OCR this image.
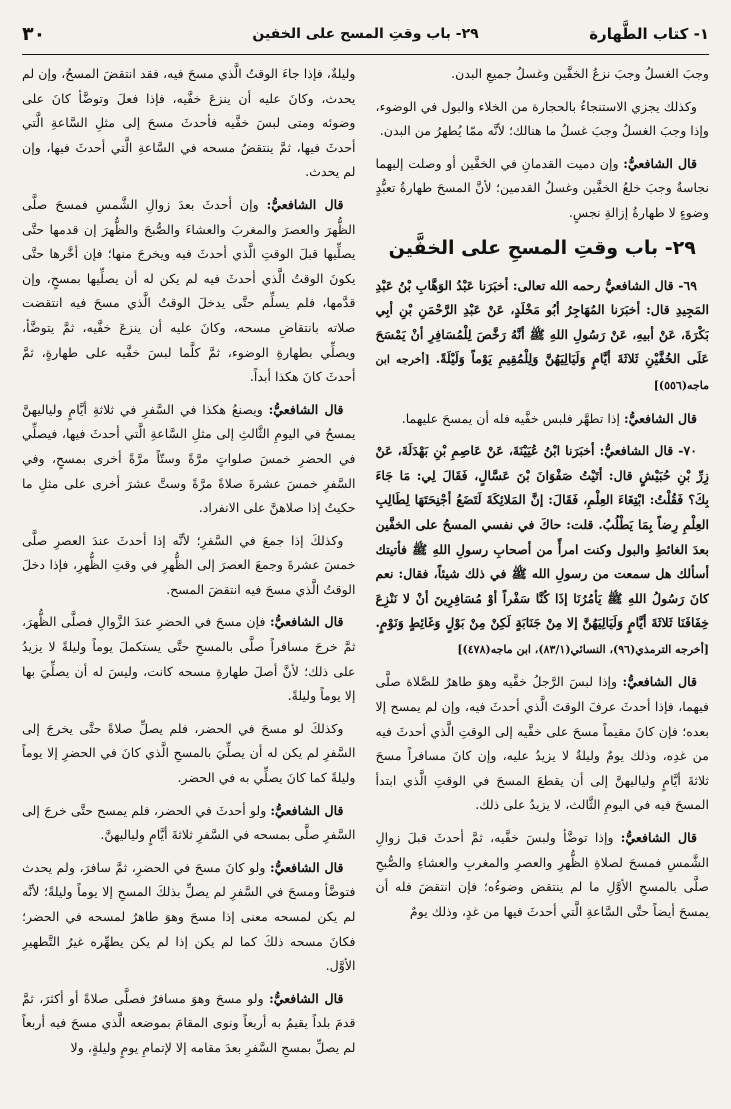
١- كتاب الطَّهارة
٢٩- باب وقتِ المسح على الخفين
٣٠

وجبَ الغسلُ وجبَ نزعُ الخفَّين وغسلُ جميعِ البدن.

وكذلك يجزي الاستنجاءُ بالحجارة من الخلاء والبول في الوضوء، وإذا وجبَ الغسلُ وجبَ غسلُ ما هنالك؛ لأنَّه ممّا يُطهرُ من البدن.

قال الشافعيُّ: وإن دميت القدمانِ في الخفَّين أو وصلت إليهما نجاسةٌ وجبَ خلعُ الخفَّين وغسلُ القدمين؛ لأنَّ المسحَ طهارةُ تعبُّدٍ وضوءٍ لا طهارةُ إزالةِ نجسٍ.

٢٩- باب وقتِ المسحِ على الخفَّين

٦٩- قال الشافعيُّ رحمه الله تعالى: أخبَرَنا عَبْدُ الوَهَّابِ بْنُ عَبْدِ المَجِيدِ قال: أخبَرَنا المُهَاجِرُ أبُو مَخْلَدٍ، عَنْ عَبْدِ الرَّحْمَنِ بْنِ أبِي بَكْرَةَ، عَنْ أبيهِ، عَنْ رَسُولِ اللهِ ﷺ أنَّهُ رَخَّصَ لِلْمُسَافِرِ أنْ يَمْسَحَ عَلَى الخُفَّيْنِ ثَلاثَةَ أيَّامٍ وَلَيَالِيَهُنَّ وَلِلْمُقِيمِ يَوْماً وَلَيْلَةً. [أخرجه ابن ماجه(٥٥٦)]

قال الشافعيُّ: إذا تطهَّر فلبس خفَّيه فله أن يمسحَ عليهما.

٧٠- قال الشافعيُّ: أخبَرَنا ابْنُ عُيَيْنَةَ، عَنْ عَاصِمِ بْنِ بَهْدَلَةَ، عَنْ زِرِّ بْنِ حُبَيْشٍ قال: أتَيْتُ صَفْوَانَ بْنَ عَسَّالٍ، فَقَالَ لِي: مَا جَاءَ بِكَ؟ فَقُلْتُ: ابْتِغَاءَ العِلْمِ، فَقَالَ: إنَّ المَلائِكَةَ لَتَضَعُ أجْنِحَتَهَا لِطَالِبِ العِلْمِ رِضاً بِمَا يَطْلُبُ. قلت: حاكَ في نفسي المسحُ على الخفَّين بعدَ الغائطِ والبول وكنت امرأً من أصحابِ رسولِ اللهِ ﷺ فأتيتك أسألك هل سمعت من رسولِ الله ﷺ في ذلك شيئاً، فقال: نعم كانَ رَسُولُ اللهِ ﷺ يَأمُرُنَا إذَا كُنَّا سَفْراً أوْ مُسَافِرِينَ أنْ لا نَنْزِعَ خِفَافَنَا ثَلاثَةَ أيَّامٍ وَلَيَالِيَهُنَّ إلا مِنْ جَنَابَةٍ لَكِنْ مِنْ بَوْلٍ وَغَائِطٍ وَنَوْمٍ. [أخرجه الترمذي(٩٦)، النسائي(٨٣/١)، ابن ماجه(٤٧٨)]

قال الشافعيُّ: وإذا لبسَ الرَّجلُ خفَّيه وهوَ طاهرٌ للصَّلاة صلَّى فيهما، فإذا أحدثَ عرفَ الوقتَ الَّذي أحدثَ فيه، وإن لم يمسح إلا بعده؛ فإن كانَ مقيماً مسحَ على خفَّيه إلى الوقتِ الَّذي أحدثَ فيه من غدِه، وذلك يومٌ وليلةٌ لا يزيدُ عليه، وإن كانَ مسافراً مسحَ ثلاثةَ أيَّامٍ ولياليهنَّ إلى أن يقطعَ المسحَ في الوقتِ الَّذي ابتدأ المسحَ فيه في اليومِ الثَّالث، لا يزيدُ على ذلك.

قال الشافعيُّ: وإذا توضَّأ ولبسَ خفَّيه، ثمَّ أحدثَ قبلَ زوالِ الشَّمسِ فمسحَ لصلاةِ الظُّهرِ والعصرِ والمغربِ والعشاءِ والصُّبحِ صلَّى بالمسحِ الأوَّلِ ما لم ينتقض وضوءُه؛ فإن انتقضَ فله أن يمسحَ أيضاً حتَّى السَّاعةِ الَّتي أحدثَ فيها من غدٍ، وذلك يومٌ

وليلةٌ، فإذا جاءَ الوقتُ الَّذي مسحَ فيه، فقد انتقضَ المسحُ، وإن لم يحدث، وكانَ عليه أن ينزعَ خفَّيه، فإذا فعلَ وتوضَّأ كانَ على وضوئه ومتى لبسَ خفَّيه فأحدثَ مسحَ إلى مثلِ السَّاعةِ الَّتي أحدثَ فيها، ثمَّ ينتقضُ مسحه في السَّاعةِ الَّتي أحدثَ فيها، وإن لم يحدث.

قال الشافعيُّ: وإن أحدثَ بعدَ زوالِ الشَّمسِ فمسحَ صلَّى الظُّهرَ والعصرَ والمغربَ والعشاءَ والصُّبحَ والظُّهرَ إن قدمها حتَّى يصلِّيها قبلَ الوقتِ الَّذي أحدثَ فيه ويخرجَ منها؛ فإن أخَّرها حتَّى يكونَ الوقتُ الَّذي أحدثَ فيه لم يكن له أن يصلِّيها بمسحٍ، وإن قدَّمها، فلم يسلِّم حتَّى يدخلَ الوقتُ الَّذي مسحَ فيه انتقضت صلاته بانتقاضِ مسحه، وكانَ عليه أن ينزعَ خفَّيه، ثمَّ يتوضَّأ، ويصلِّي بطهارةِ الوضوء، ثمَّ كلَّما لبسَ خفَّيه على طهارةٍ، ثمَّ أحدثَ كانَ هكذا أبداً.

قال الشافعيُّ: ويصنعُ هكذا في السَّفرِ في ثلاثةِ أيَّامٍ ولياليهنَّ يمسحُ في اليومِ الثَّالثِ إلى مثلِ السَّاعةِ الَّتي أحدثَ فيها، فيصلِّي في الحضرِ خمسَ صلواتٍ مرَّةً وستّاً مرَّةً أخرى بمسحٍ، وفي السَّفرِ خمسَ عشرةَ صلاةً مرَّةً وستَّ عشرَ أخرى على مثلِ ما حكيتُ إذا صلاهنَّ على الانفراد.

وكذلكَ إذا جمعَ في السَّفرِ؛ لأنَّه إذا أحدثَ عندَ العصرِ صلَّى خمسَ عشرةَ وجمعَ العصرَ إلى الظُّهرِ في وقتِ الظُّهرِ، فإذا دخلَ الوقتُ الَّذي مسحَ فيه انتقضَ المسح.

قال الشافعيُّ: فإن مسحَ في الحضرِ عندَ الزَّوالِ فصلَّى الظُّهرَ، ثمَّ خرجَ مسافراً صلَّى بالمسحِ حتَّى يستكملَ يوماً وليلةً لا يزيدُ على ذلك؛ لأنَّ أصلَ طهارةِ مسحه كانت، وليسَ له أن يصلِّيَ بها إلا يوماً وليلةً.

وكذلكَ لو مسحَ في الحضر، فلم يصلِّ صلاةً حتَّى يخرجَ إلى السَّفرِ لم يكن له أن يصلِّيَ بالمسحِ الَّذي كانَ في الحضرِ إلا يوماً وليلةً كما كانَ يصلِّي به في الحضر.

قال الشافعيُّ: ولو أحدثَ في الحضر، فلم يمسح حتَّى خرجَ إلى السَّفرِ صلَّى بمسحه في السَّفرِ ثلاثةَ أيَّامٍ ولياليهنَّ.

قال الشافعيُّ: ولو كانَ مسحَ في الحضرِ، ثمَّ سافرَ، ولم يحدث فتوضَّأ ومسحَ في السَّفرِ لم يصلِّ بذلكَ المسحِ إلا يوماً وليلةً؛ لأنَّه لم يكن لمسحه معنى إذا مسحَ وهوَ طاهرٌ لمسحه في الحضر؛ فكانَ مسحه ذلكَ كما لم يكن إذا لم يكن يطهِّره غيرُ التَّطهيرِ الأوَّل.

قال الشافعيُّ: ولو مسحَ وهوَ مسافرٌ فصلَّى صلاةً أو أكثرَ، ثمَّ قدمَ بلداً يقيمُ به أربعاً ونوى المقامَ بموضعه الَّذي مسحَ فيه أربعاً لم يصلِّ بمسحِ السَّفرِ بعدَ مقامه إلا لإتمامِ يومٍ وليلةٍ، ولا
